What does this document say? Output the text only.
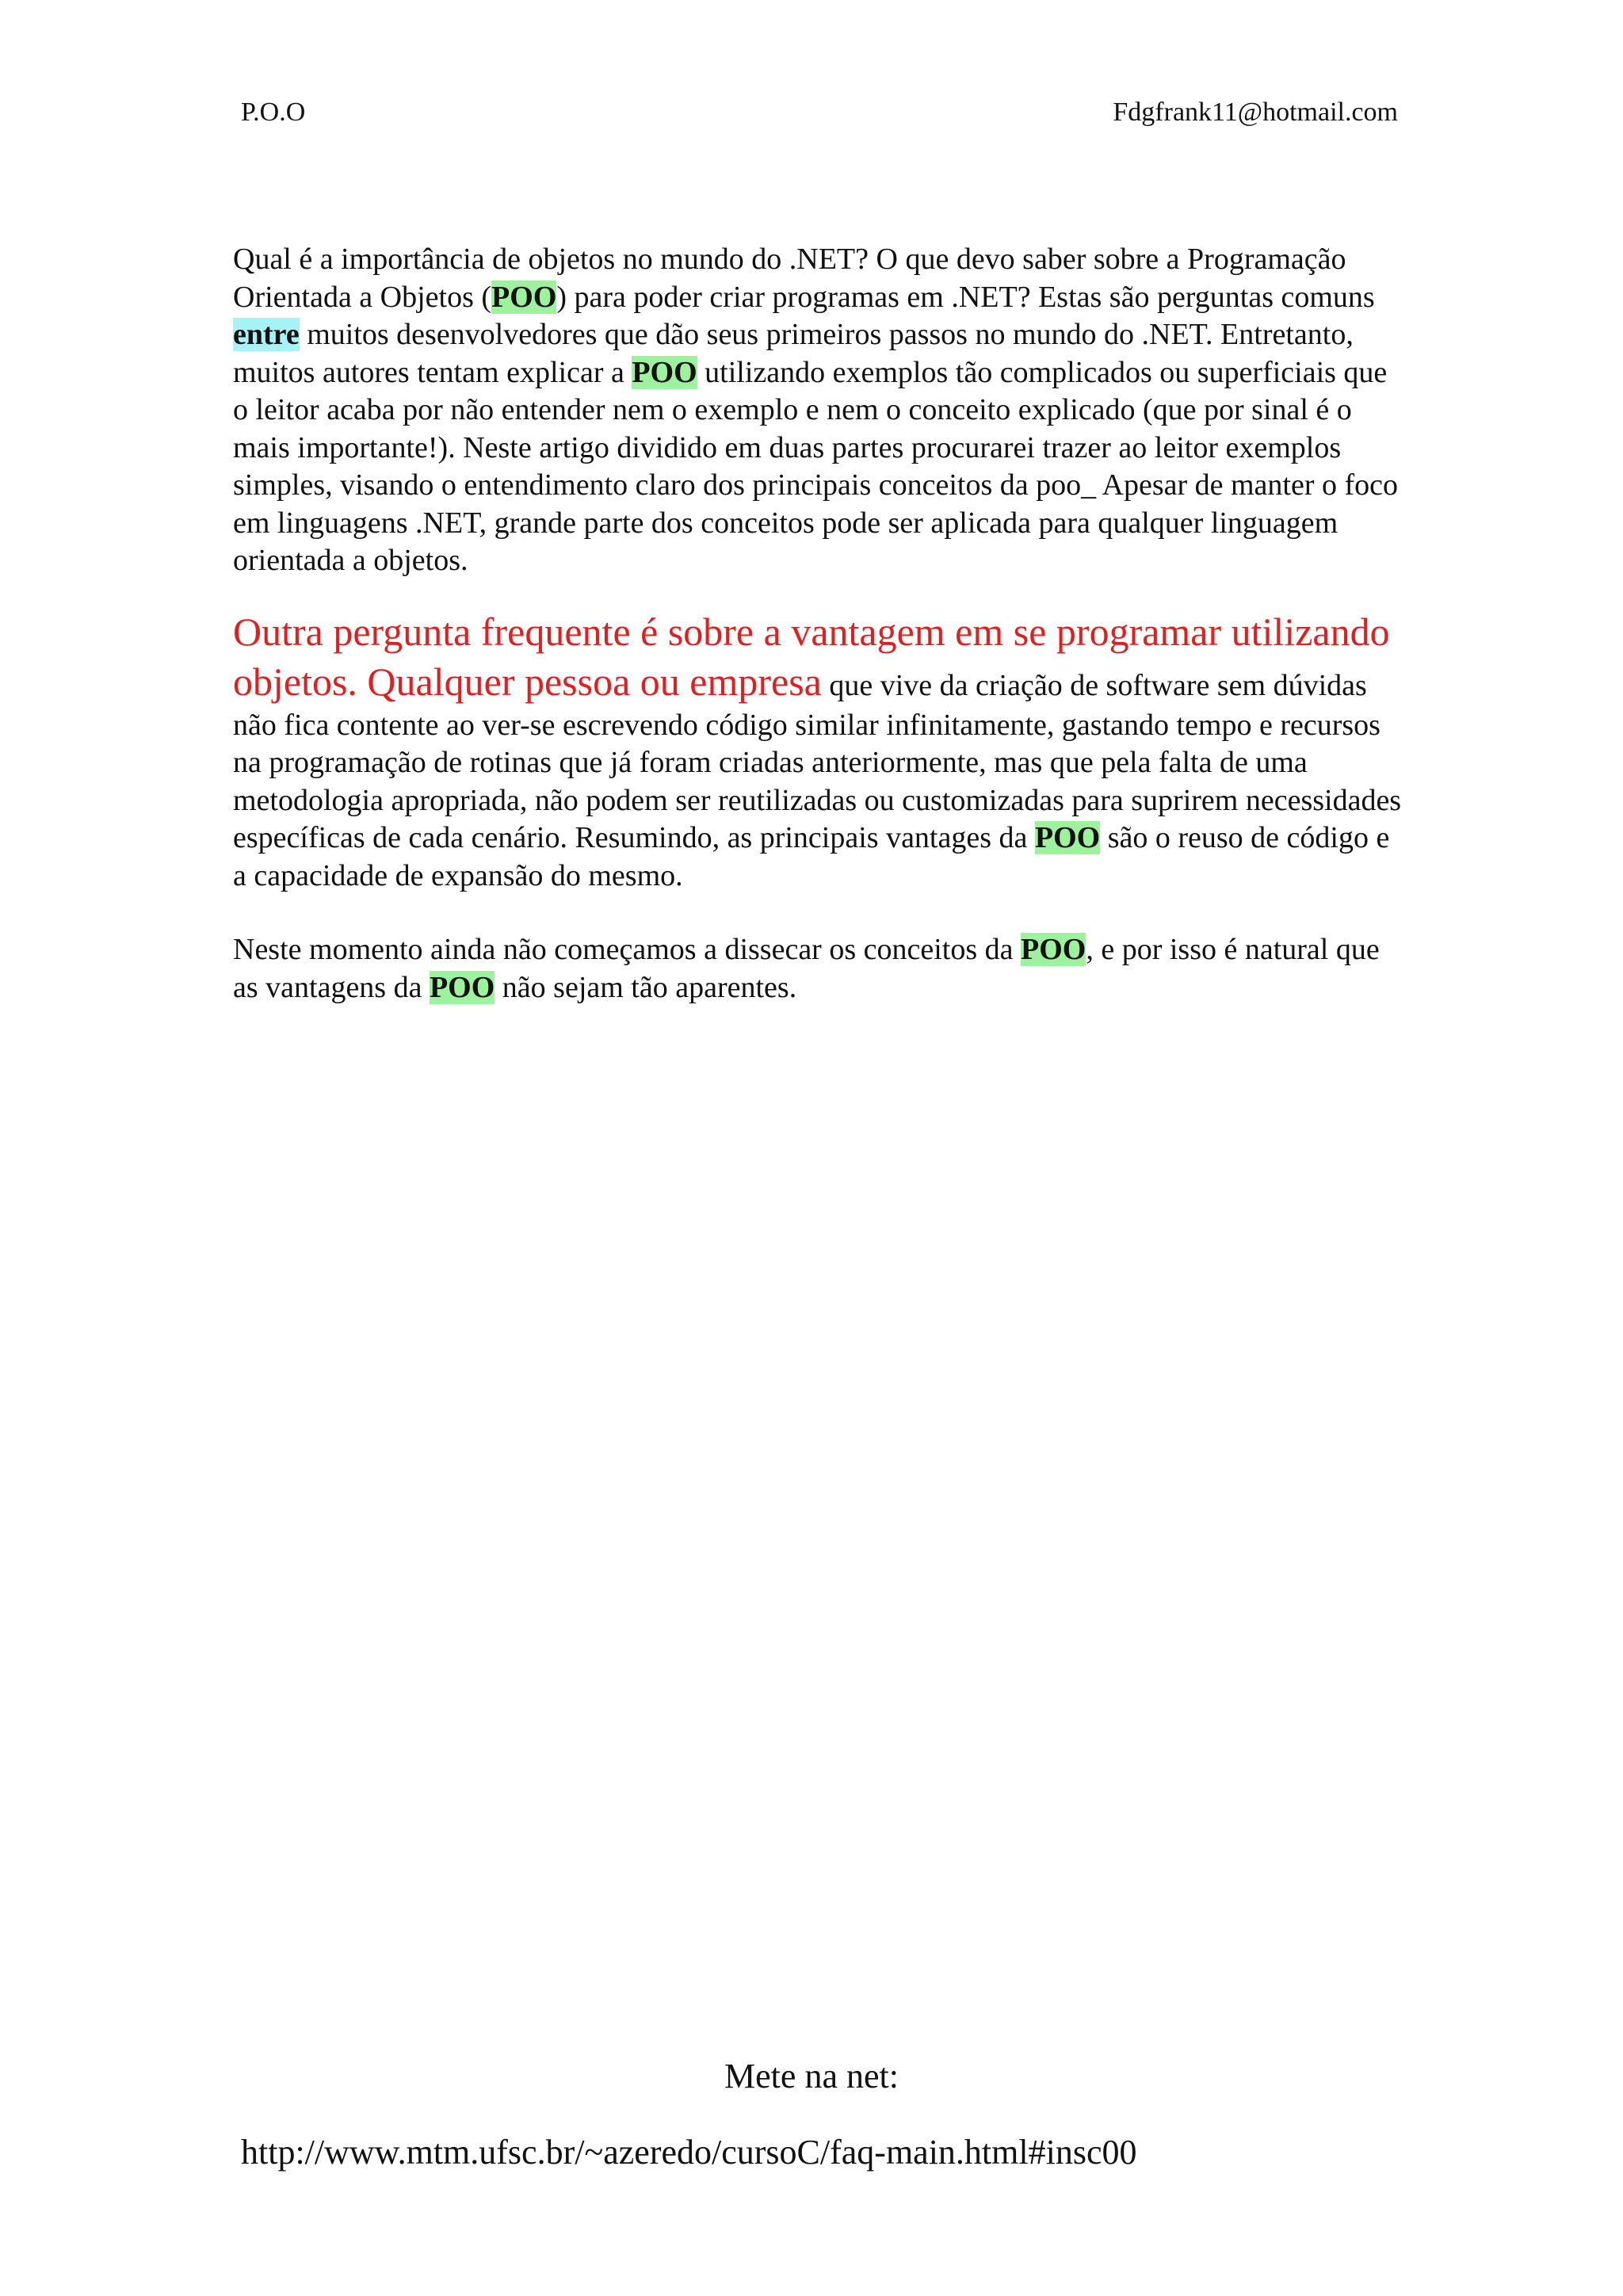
P.O.O	Fdgfrank11@hotmail.com

Qual é a importância de objetos no mundo do .NET? O que devo saber sobre a Programação Orientada a Objetos (POO) para poder criar programas em .NET? Estas são perguntas comuns entre muitos desenvolvedores que dão seus primeiros passos no mundo do .NET. Entretanto, muitos autores tentam explicar a POO utilizando exemplos tão complicados ou superficiais que o leitor acaba por não entender nem o exemplo e nem o conceito explicado (que por sinal é o mais importante!). Neste artigo dividido em duas partes procurarei trazer ao leitor exemplos simples, visando o entendimento claro dos principais conceitos da poo_ Apesar de manter o foco em linguagens .NET, grande parte dos conceitos pode ser aplicada para qualquer linguagem orientada a objetos.

Outra pergunta frequente é sobre a vantagem em se programar utilizando objetos. Qualquer pessoa ou empresa que vive da criação de software sem dúvidas não fica contente ao ver-se escrevendo código similar infinitamente, gastando tempo e recursos na programação de rotinas que já foram criadas anteriormente, mas que pela falta de uma metodologia apropriada, não podem ser reutilizadas ou customizadas para suprirem necessidades específicas de cada cenário. Resumindo, as principais vantages da POO são o reuso de código e a capacidade de expansão do mesmo.

Neste momento ainda não começamos a dissecar os conceitos da POO, e por isso é natural que as vantagens da POO não sejam tão aparentes.

Mete na net:
http://www.mtm.ufsc.br/~azeredo/cursoC/faq-main.html#insc00
